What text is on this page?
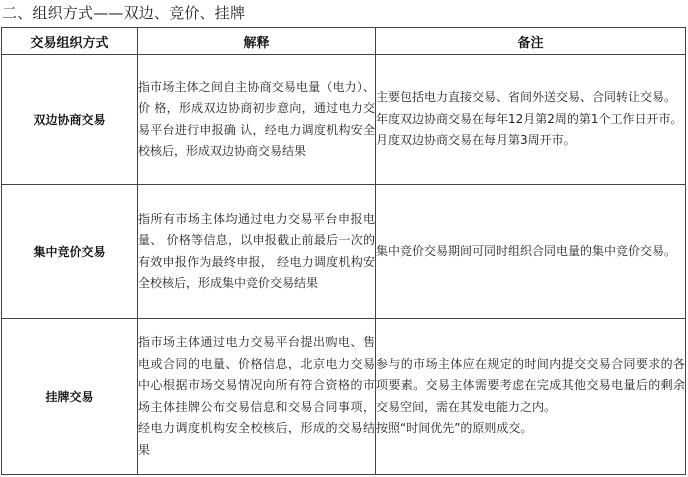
二、组织方式——双边、竞价、挂牌
交易组织方式	解释	备注
双边协商交易	指市场主体之间自主协商交易电量（电力）、价 格，形成双边协商初步意向，通过电力交易平台进行申报确 认，经电力调度机构安全校核后，形成双边协商交易结果	主要包括电力直接交易、省间外送交易、合同转让交易。
年度双边协商交易在每年12月第2周的第1个工作日开市。
月度双边协商交易在每月第3周开市。

集中竞价交易	指所有市场主体均通过电力交易平台申报电量、 价格等信息，以申报截止前最后一次的有效申报作为最终申报， 经电力调度机构安全校核后，形成集中竞价交易结果	集中竞价交易期间可同时组织合同电量的集中竞价交易。

挂牌交易	指市场主体通过电力交易平台提出购电、售电或合同的电量、价格信息，北京电力交易中心根据市场交易情况向所有符合资格的市场主体挂牌公布交易信息和交易合同事项，经电力调度机构安全校核后，形成的交易结果	参与的市场主体应在规定的时间内提交交易合同要求的各项要素。交易主体需要考虑在完成其他交易电量后的剩余交易空间，需在其发电能力之内。
按照“时间优先”的原则成交。
